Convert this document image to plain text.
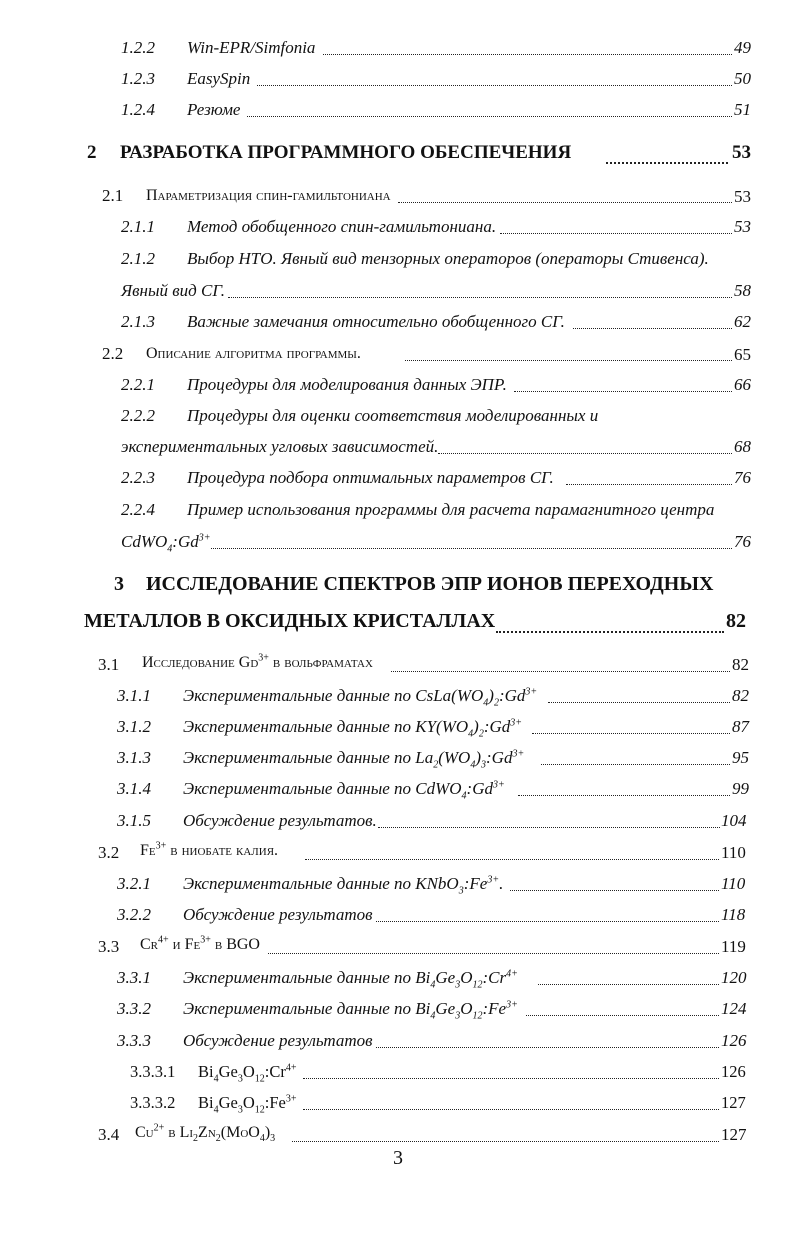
1.2.2 Win-EPR/Simfonia	49
1.2.3 EasySpin	50
1.2.4 Резюме	51
2 РАЗРАБОТКА ПРОГРАММНОГО ОБЕСПЕЧЕНИЯ	53
2.1 Параметризация спин-гамильтониана	53
2.1.1 Метод обобщенного спин-гамильтониана.	53
2.1.2 Выбор НТО. Явный вид тензорных операторов (операторы Стивенса).
Явный вид СГ.	58
2.1.3 Важные замечания относительно обобщенного СГ.	62
2.2 Описание алгоритма программы.	65
2.2.1 Процедуры для моделирования данных ЭПР.	66
2.2.2 Процедуры для оценки соответствия моделированных и
экспериментальных угловых зависимостей.	68
2.2.3 Процедура подбора оптимальных параметров СГ.	76
2.2.4 Пример использования программы для расчета парамагнитного центра
$CdWO_4:Gd^{3+}$	76
3 ИССЛЕДОВАНИЕ СПЕКТРОВ ЭПР ИОНОВ ПЕРЕХОДНЫХ
МЕТАЛЛОВ В ОКСИДНЫХ КРИСТАЛЛАХ	82
3.1 Исследование $Gd^{3+}$ в вольфраматах	82
3.1.1 Экспериментальные данные по $CsLa(WO_4)_2:Gd^{3+}$	82
3.1.2 Экспериментальные данные по $KY(WO_4)_2:Gd^{3+}$	87
3.1.3 Экспериментальные данные по $La_2(WO_4)_3:Gd^{3+}$	95
3.1.4 Экспериментальные данные по $CdWO_4:Gd^{3+}$	99
3.1.5 Обсуждение результатов.	104
3.2 $Fe^{3+}$ в ниобате калия.	110
3.2.1 Экспериментальные данные по $KNbO_3:Fe^{3+}$.	110
3.2.2 Обсуждение результатов	118
3.3 $Cr^{4+}$ и $Fe^{3+}$ в BGO	119
3.3.1 Экспериментальные данные по $Bi_4Ge_3O_{12}:Cr^{4+}$	120
3.3.2 Экспериментальные данные по $Bi_4Ge_3O_{12}:Fe^{3+}$	124
3.3.3 Обсуждение результатов	126
3.3.3.1 $Bi_4Ge_3O_{12}:Cr^{4+}$	126
3.3.3.2 $Bi_4Ge_3O_{12}:Fe^{3+}$	127
3.4 $Cu^{2+}$ в $Li_2Zn_2(MoO_4)_3$	127
3
